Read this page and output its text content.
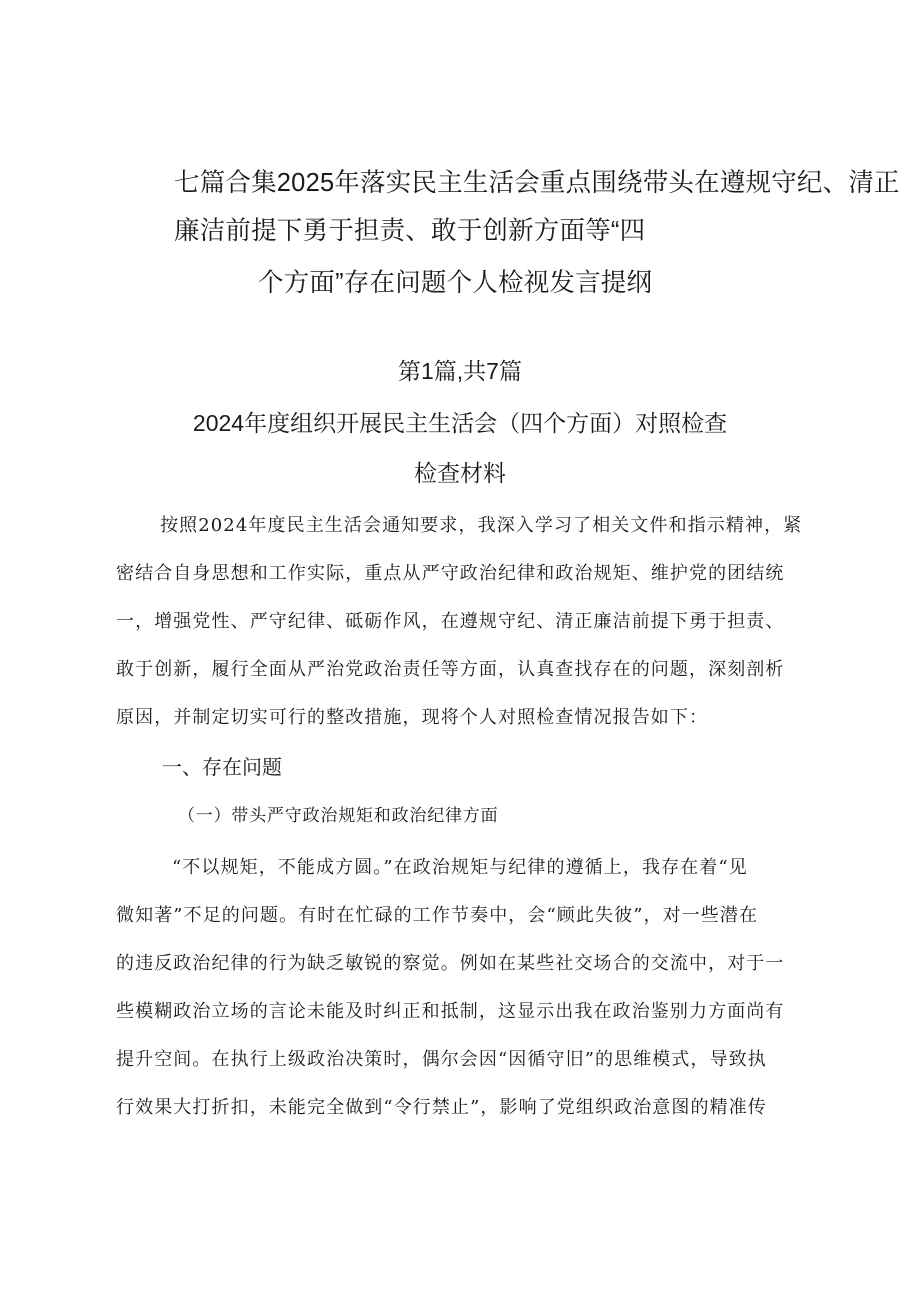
七篇合集2025年落实民主生活会重点围绕带头在遵规守纪、清正
廉洁前提下勇于担责、敢于创新方面等“四
个方面”存在问题个人检视发言提纲
第1篇,共7篇
2024年度组织开展民主生活会（四个方面）对照检查
检查材料
按照2024年度民主生活会通知要求，我深入学习了相关文件和指示精神，紧
密结合自身思想和工作实际，重点从严守政治纪律和政治规矩、维护党的团结统
一，增强党性、严守纪律、砥砺作风，在遵规守纪、清正廉洁前提下勇于担责、
敢于创新，履行全面从严治党政治责任等方面，认真查找存在的问题，深刻剖析
原因，并制定切实可行的整改措施，现将个人对照检查情况报告如下：
一、存在问题
（一）带头严守政治规矩和政治纪律方面
“不以规矩，不能成方圆。”在政治规矩与纪律的遵循上，我存在着“见
微知著”不足的问题。有时在忙碌的工作节奏中，会“顾此失彼”，对一些潜在
的违反政治纪律的行为缺乏敏锐的察觉。例如在某些社交场合的交流中，对于一
些模糊政治立场的言论未能及时纠正和抵制，这显示出我在政治鉴别力方面尚有
提升空间。在执行上级政治决策时，偶尔会因“因循守旧”的思维模式，导致执
行效果大打折扣，未能完全做到“令行禁止”，影响了党组织政治意图的精准传
